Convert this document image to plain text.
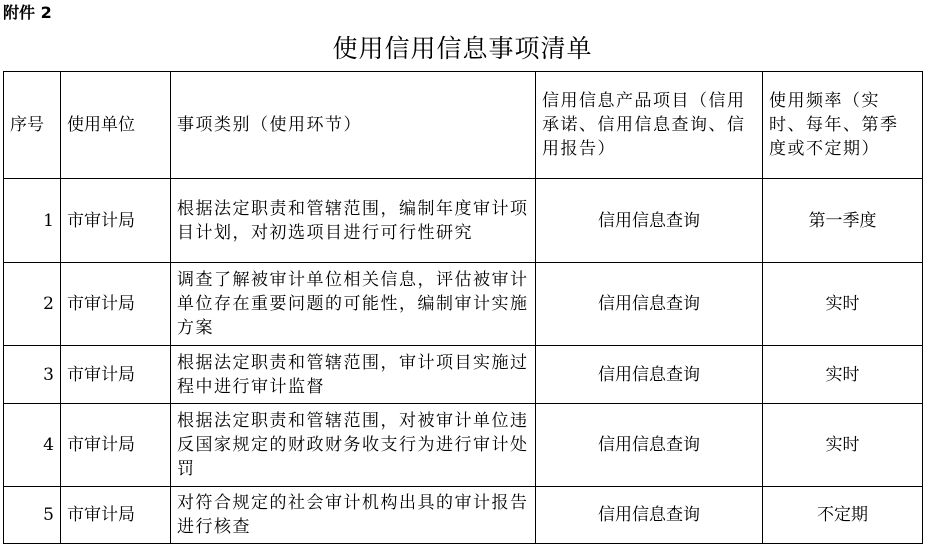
附件 2
使用信用信息事项清单
序号	使用单位	事项类别（使用环节）	信用信息产品项目（信用承诺、信用信息查询、信用报告）	使用频率（实时、每年、第季度或不定期）
1	市审计局	根据法定职责和管辖范围，编制年度审计项目计划，对初选项目进行可行性研究	信用信息查询	第一季度
2	市审计局	调查了解被审计单位相关信息，评估被审计单位存在重要问题的可能性，编制审计实施方案	信用信息查询	实时
3	市审计局	根据法定职责和管辖范围，审计项目实施过程中进行审计监督	信用信息查询	实时
4	市审计局	根据法定职责和管辖范围，对被审计单位违反国家规定的财政财务收支行为进行审计处罚	信用信息查询	实时
5	市审计局	对符合规定的社会审计机构出具的审计报告进行核查	信用信息查询	不定期
